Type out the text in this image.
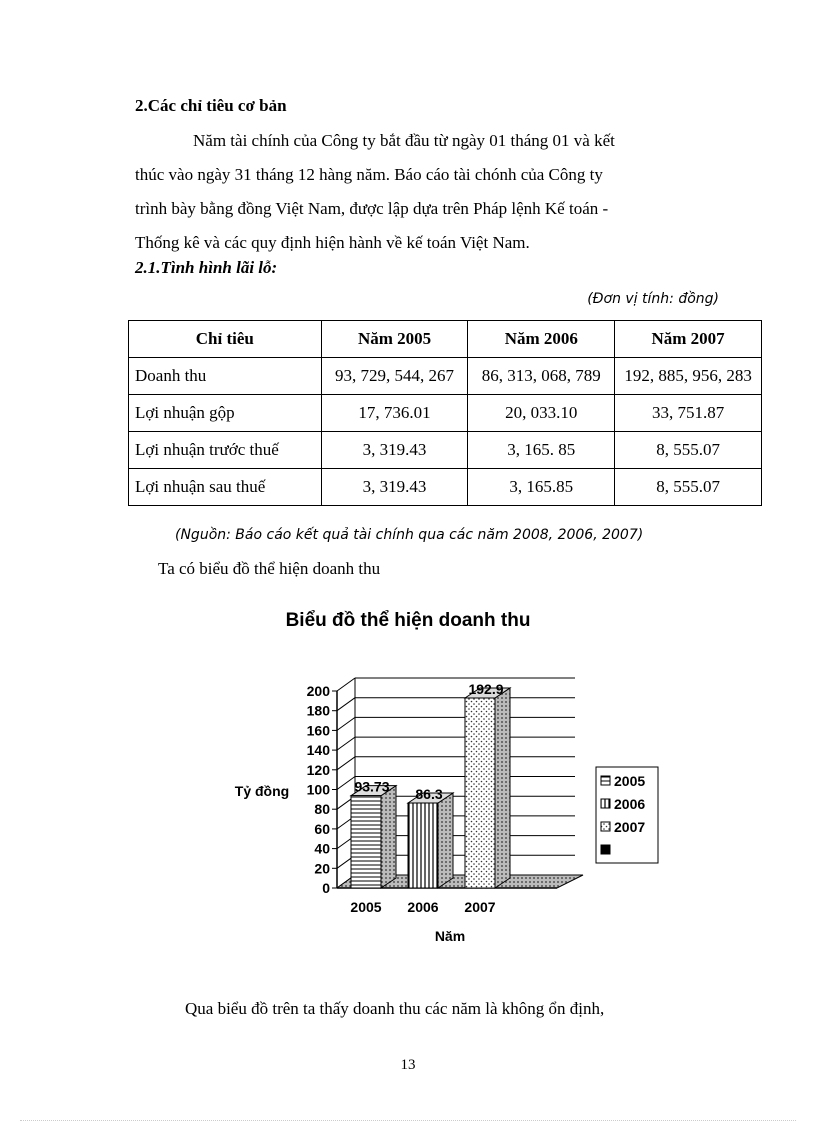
2.Các chỉ tiêu cơ bản

Năm tài chính của Công ty bắt đầu từ ngày 01 tháng 01 và kết

thúc vào ngày 31 tháng 12 hàng năm. Báo cáo tài chónh của Công ty

trình bày bằng đồng Việt Nam, được lập dựa trên Pháp lệnh Kế toán -

Thống kê và các quy định hiện hành về kế toán Việt Nam.

2.1.Tình hình lãi lỗ:
(Đơn vị tính: đồng)
Chỉ tiêu	Năm 2005	Năm 2006	Năm 2007
Doanh thu	93, 729, 544, 267	86, 313, 068, 789	192, 885, 956, 283
Lợi nhuận gộp	17, 736.01	20, 033.10	33, 751.87
Lợi nhuận trước thuế	3, 319.43	3, 165. 85	8, 555.07
Lợi nhuận sau thuế	3, 319.43	3, 165.85	8, 555.07
(Nguồn: Báo cáo kết quả tài chính qua các năm 2008, 2006, 2007)
Ta có biểu đồ thể hiện doanh thu
Biểu đồ thể hiện doanh thu
0
20
40
60
80
100
120
140
160
180
200
93.73
2005
86.3
2006
192.9
2007
Tỷ đồng
Năm
2005
2006
2007
Qua biểu đồ trên ta thấy doanh thu các năm là không ổn định,
13
